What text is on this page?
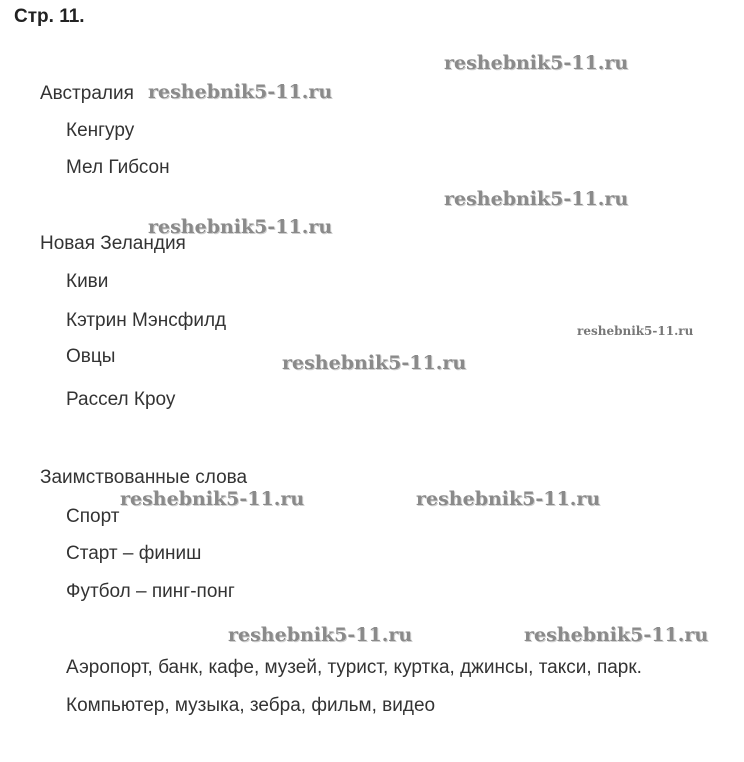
Стр. 11.
Австралия
Кенгуру
Мел Гибсон
Новая Зеландия
Киви
Кэтрин Мэнсфилд
Овцы
Рассел Кроу
Заимствованные слова
Спорт
Старт – финиш
Футбол – пинг-понг
Аэропорт, банк, кафе, музей, турист, куртка, джинсы, такси, парк.
Компьютер, музыка, зебра, фильм, видео
reshebnik5-11.ru
reshebnik5-11.ru
reshebnik5-11.ru
reshebnik5-11.ru
reshebnik5-11.ru
reshebnik5-11.ru
reshebnik5-11.ru	reshebnik5-11.ru
reshebnik5-11.ru	reshebnik5-11.ru
